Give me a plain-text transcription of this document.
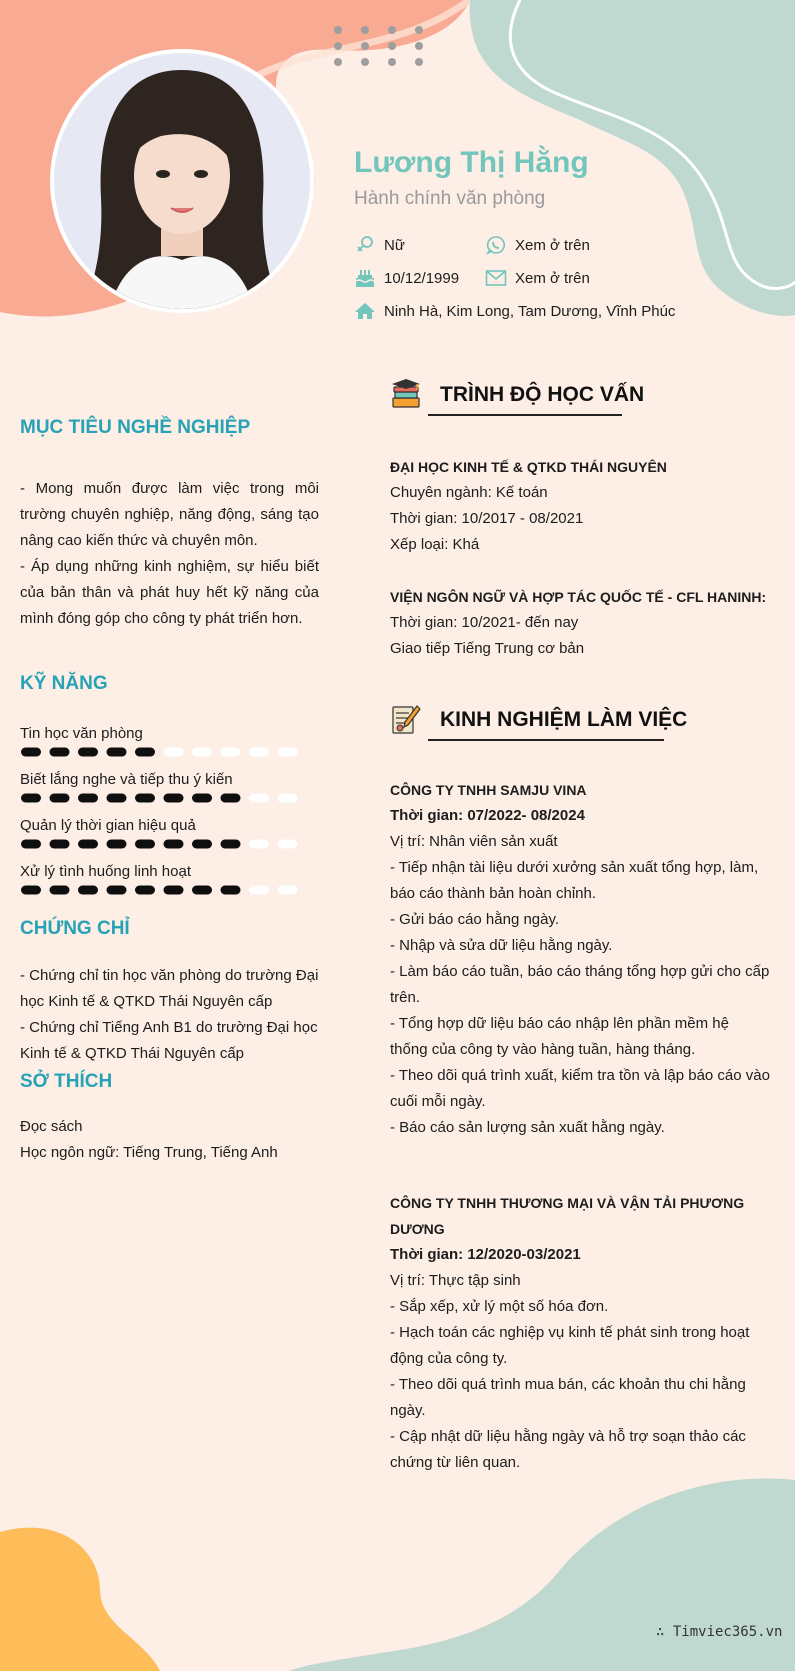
Lương Thị Hằng
Hành chính văn phòng
Nữ	Xem ở trên
10/12/1999	Xem ở trên
Ninh Hà, Kim Long, Tam Dương, Vĩnh Phúc
MỤC TIÊU NGHỀ NGHIỆP
- Mong muốn được làm việc trong môi trường chuyên nghiệp, năng động, sáng tạo nâng cao kiến thức và chuyên môn.
- Áp dụng những kinh nghiệm, sự hiểu biết của bản thân và phát huy hết kỹ năng của mình đóng góp cho công ty phát triển hơn.
KỸ NĂNG
Tin học văn phòng
Biết lắng nghe và tiếp thu ý kiến
Quản lý thời gian hiệu quả
Xử lý tình huống linh hoạt
CHỨNG CHỈ
- Chứng chỉ tin học văn phòng do trường Đại học Kinh tế & QTKD Thái Nguyên cấp
- Chứng chỉ Tiếng Anh B1 do trường Đại học Kinh tế & QTKD Thái Nguyên cấp
SỞ THÍCH
Đọc sách
Học ngôn ngữ: Tiếng Trung, Tiếng Anh
TRÌNH ĐỘ HỌC VẤN
ĐẠI HỌC KINH TẾ & QTKD THÁI NGUYÊN
Chuyên ngành: Kế toán
Thời gian: 10/2017 - 08/2021
Xếp loại: Khá
VIỆN NGÔN NGỮ VÀ HỢP TÁC QUỐC TẾ - CFL HANINH:
Thời gian: 10/2021- đến nay
Giao tiếp Tiếng Trung cơ bản
KINH NGHIỆM LÀM VIỆC
CÔNG TY TNHH SAMJU VINA
Thời gian: 07/2022- 08/2024
Vị trí: Nhân viên sản xuất
- Tiếp nhận tài liệu dưới xưởng sản xuất tổng hợp, làm, báo cáo thành bản hoàn chỉnh.
- Gửi báo cáo hằng ngày.
- Nhập và sửa dữ liệu hằng ngày.
- Làm báo cáo tuần, báo cáo tháng tổng hợp gửi cho cấp trên.
- Tổng hợp dữ liệu báo cáo nhập lên phần mềm hệ thống của công ty vào hàng tuần, hàng tháng.
- Theo dõi quá trình xuất, kiểm tra tồn và lập báo cáo vào cuối mỗi ngày.
- Báo cáo sản lượng sản xuất hằng ngày.
CÔNG TY TNHH THƯƠNG MẠI VÀ VẬN TẢI PHƯƠNG DƯƠNG
Thời gian: 12/2020-03/2021
Vị trí: Thực tập sinh
- Sắp xếp, xử lý một số hóa đơn.
- Hạch toán các nghiệp vụ kinh tế phát sinh trong hoạt động của công ty.
- Theo dõi quá trình mua bán, các khoản thu chi hằng ngày.
- Cập nhật dữ liệu hằng ngày và hỗ trợ soạn thảo các chứng từ liên quan.
∴ Timviec365.vn
